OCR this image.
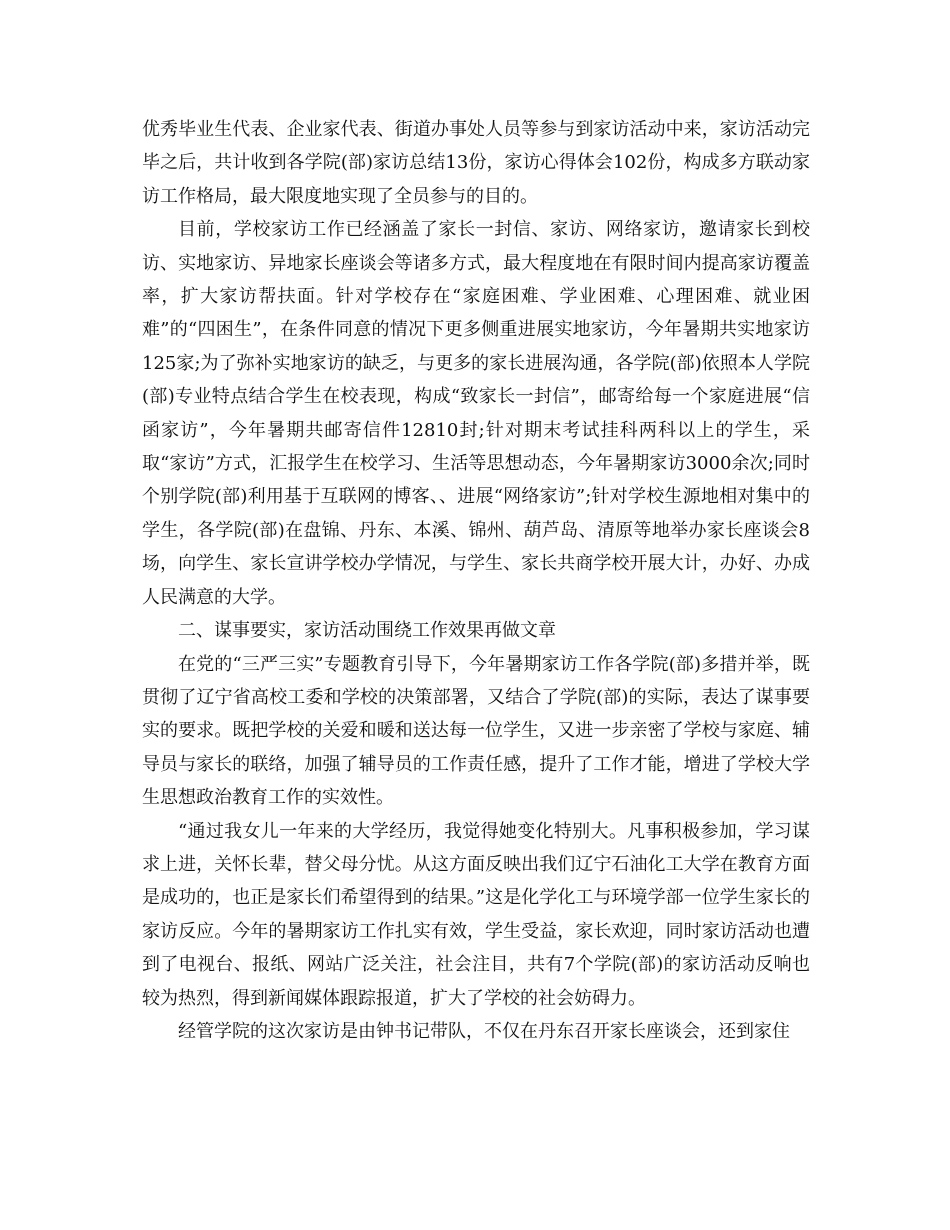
优秀毕业生代表、企业家代表、街道办事处人员等参与到家访活动中来，家访活动完毕之后，共计收到各学院(部)家访总结13份，家访心得体会102份，构成多方联动家访工作格局，最大限度地实现了全员参与的目的。

目前，学校家访工作已经涵盖了家长一封信、家访、网络家访，邀请家长到校访、实地家访、异地家长座谈会等诸多方式，最大程度地在有限时间内提高家访覆盖率，扩大家访帮扶面。针对学校存在“家庭困难、学业困难、心理困难、就业困难”的“四困生”，在条件同意的情况下更多侧重进展实地家访，今年暑期共实地家访125家;为了弥补实地家访的缺乏，与更多的家长进展沟通，各学院(部)依照本人学院(部)专业特点结合学生在校表现，构成“致家长一封信”，邮寄给每一个家庭进展“信函家访”，今年暑期共邮寄信件12810封;针对期末考试挂科两科以上的学生，采取“家访”方式，汇报学生在校学习、生活等思想动态，今年暑期家访3000余次;同时个别学院(部)利用基于互联网的博客、、进展“网络家访”;针对学校生源地相对集中的学生，各学院(部)在盘锦、丹东、本溪、锦州、葫芦岛、清原等地举办家长座谈会8场，向学生、家长宣讲学校办学情况，与学生、家长共商学校开展大计，办好、办成人民满意的大学。

二、谋事要实，家访活动围绕工作效果再做文章

在党的“三严三实”专题教育引导下，今年暑期家访工作各学院(部)多措并举，既贯彻了辽宁省高校工委和学校的决策部署，又结合了学院(部)的实际，表达了谋事要实的要求。既把学校的关爱和暖和送达每一位学生，又进一步亲密了学校与家庭、辅导员与家长的联络，加强了辅导员的工作责任感，提升了工作才能，增进了学校大学生思想政治教育工作的实效性。

“通过我女儿一年来的大学经历，我觉得她变化特别大。凡事积极参加，学习谋求上进，关怀长辈，替父母分忧。从这方面反映出我们辽宁石油化工大学在教育方面是成功的，也正是家长们希望得到的结果。”这是化学化工与环境学部一位学生家长的家访反应。今年的暑期家访工作扎实有效，学生受益，家长欢迎，同时家访活动也遭到了电视台、报纸、网站广泛关注，社会注目，共有7个学院(部)的家访活动反响也较为热烈，得到新闻媒体跟踪报道，扩大了学校的社会妨碍力。

经管学院的这次家访是由钟书记带队，不仅在丹东召开家长座谈会，还到家住
